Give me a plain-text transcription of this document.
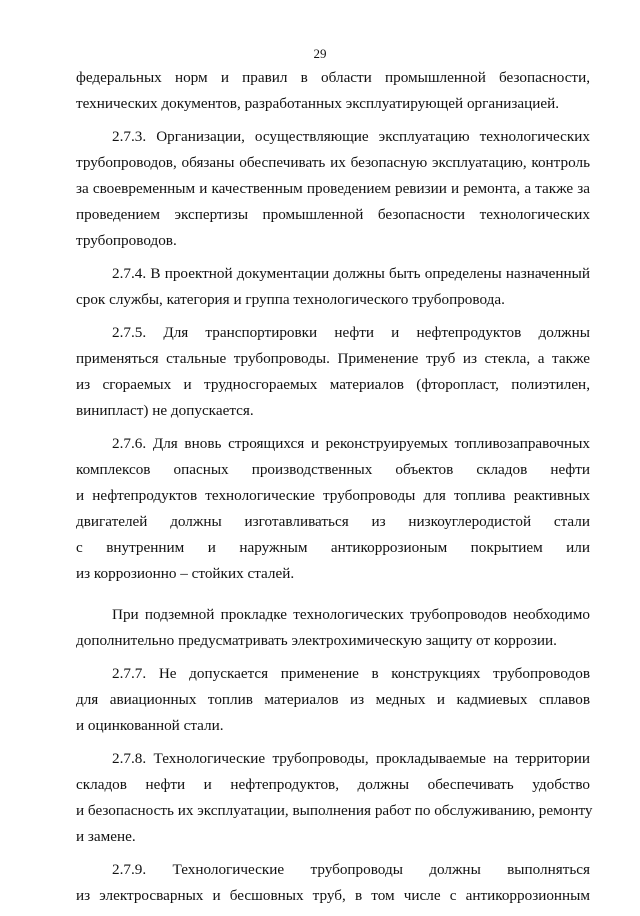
29
федеральных норм и правил в области промышленной безопасности,
технических документов, разработанных эксплуатирующей организацией.
2.7.3. Организации, осуществляющие эксплуатацию технологических
трубопроводов, обязаны обеспечивать их безопасную эксплуатацию, контроль
за своевременным и качественным проведением ревизии и ремонта, а также за
проведением экспертизы промышленной безопасности технологических
трубопроводов.
2.7.4. В проектной документации должны быть определены назначенный
срок службы, категория и группа технологического трубопровода.
2.7.5. Для транспортировки нефти и нефтепродуктов должны
применяться стальные трубопроводы. Применение труб из стекла, а также
из сгораемых и трудносгораемых материалов (фторопласт, полиэтилен,
винипласт) не допускается.
2.7.6. Для вновь строящихся и реконструируемых топливозаправочных
комплексов опасных производственных объектов складов нефти
и нефтепродуктов технологические трубопроводы для топлива реактивных
двигателей должны изготавливаться из низкоуглеродистой стали
с внутренним и наружным антикоррозионым покрытием или
из коррозионно – стойких сталей.
При подземной прокладке технологических трубопроводов необходимо
дополнительно предусматривать электрохимическую защиту от коррозии.
2.7.7. Не допускается применение в конструкциях трубопроводов
для авиационных топлив материалов из медных и кадмиевых сплавов
и оцинкованной стали.
2.7.8. Технологические трубопроводы, прокладываемые на территории
складов нефти и нефтепродуктов, должны обеспечивать удобство
и безопасность их эксплуатации, выполнения работ по обслуживанию, ремонту
и замене.
2.7.9. Технологические трубопроводы должны выполняться
из электросварных и бесшовных труб, в том числе с антикоррозионным
